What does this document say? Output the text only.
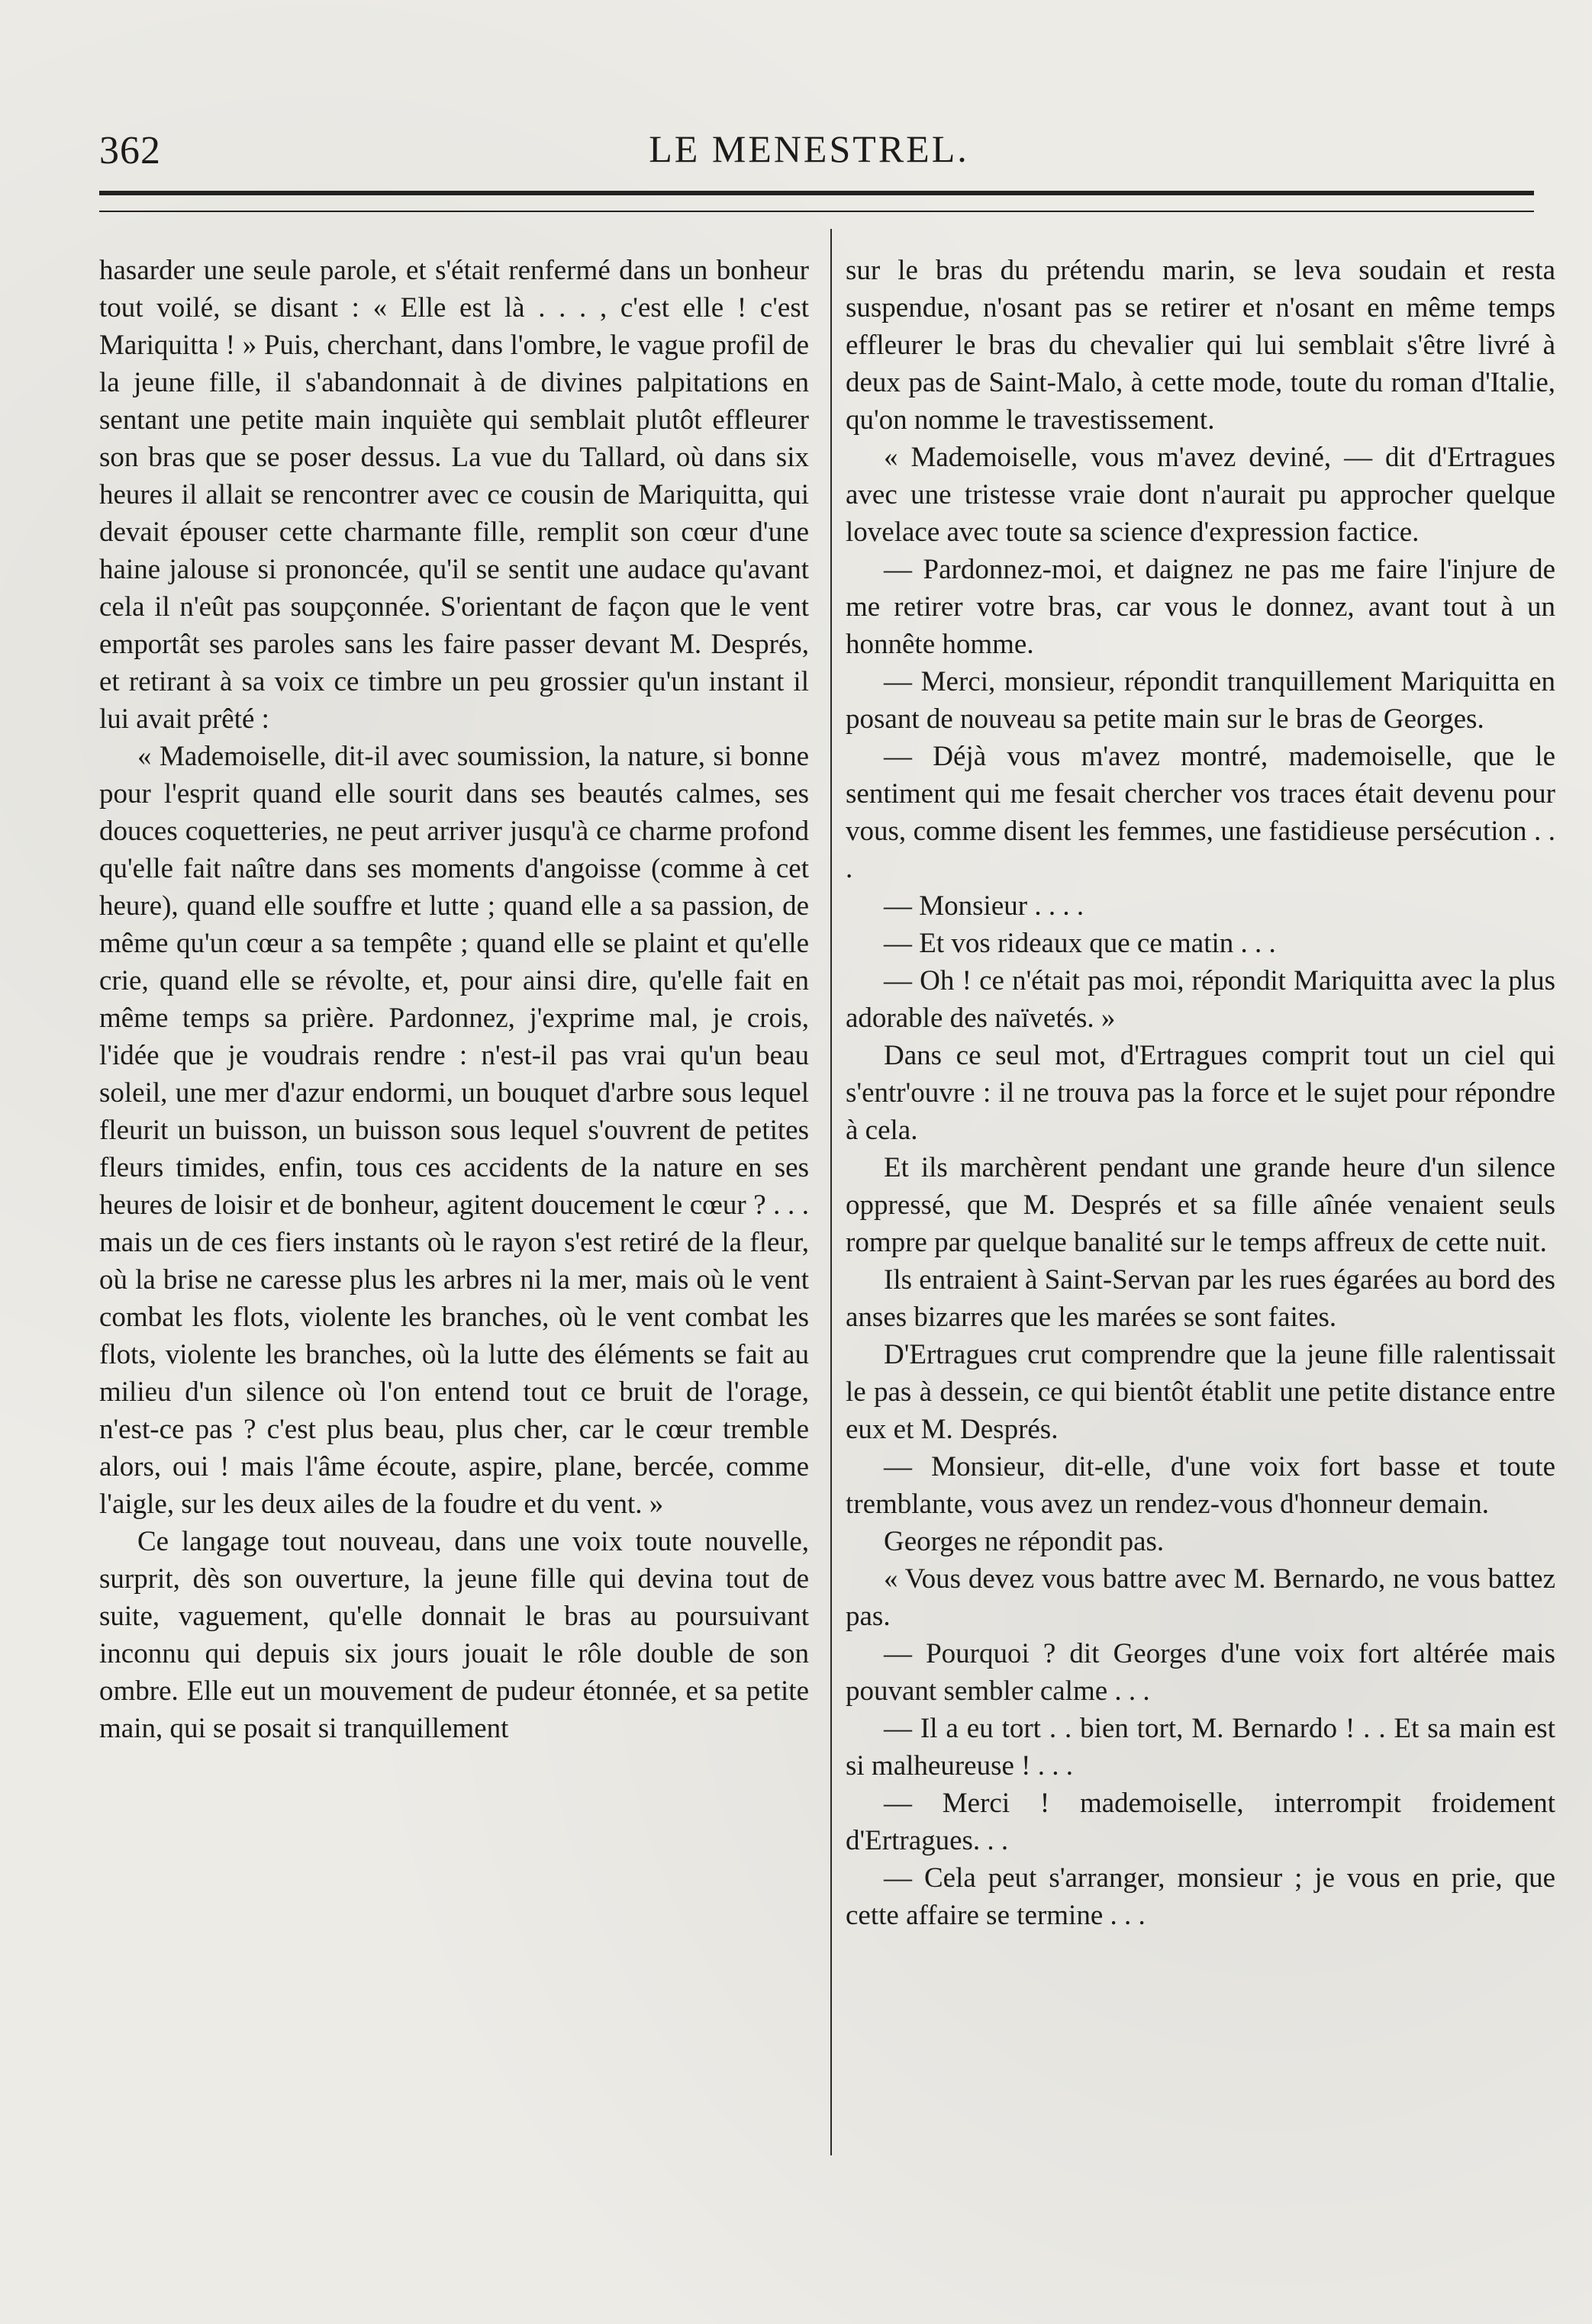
362	LE MENESTREL.

hasarder une seule parole, et s'était renfermé dans un bonheur tout voilé, se disant : « Elle est là . . . , c'est elle ! c'est Mariquitta ! » Puis, cherchant, dans l'ombre, le vague profil de la jeune fille, il s'abandonnait à de divines palpitations en sentant une petite main inquiète qui semblait plutôt effleurer son bras que se poser dessus. La vue du Tallard, où dans six heures il allait se rencontrer avec ce cousin de Mariquitta, qui devait épouser cette charmante fille, remplit son cœur d'une haine jalouse si prononcée, qu'il se sentit une audace qu'avant cela il n'eût pas soupçonnée. S'orientant de façon que le vent emportât ses paroles sans les faire passer devant M. Després, et retirant à sa voix ce timbre un peu grossier qu'un instant il lui avait prêté :

« Mademoiselle, dit-il avec soumission, la nature, si bonne pour l'esprit quand elle sourit dans ses beautés calmes, ses douces coquetteries, ne peut arriver jusqu'à ce charme profond qu'elle fait naître dans ses moments d'angoisse (comme à cet heure), quand elle souffre et lutte ; quand elle a sa passion, de même qu'un cœur a sa tempête ; quand elle se plaint et qu'elle crie, quand elle se révolte, et, pour ainsi dire, qu'elle fait en même temps sa prière. Pardonnez, j'exprime mal, je crois, l'idée que je voudrais rendre : n'est-il pas vrai qu'un beau soleil, une mer d'azur endormi, un bouquet d'arbre sous lequel fleurit un buisson, un buisson sous lequel s'ouvrent de petites fleurs timides, enfin, tous ces accidents de la nature en ses heures de loisir et de bonheur, agitent doucement le cœur ? . . . mais un de ces fiers instants où le rayon s'est retiré de la fleur, où la brise ne caresse plus les arbres ni la mer, mais où le vent combat les flots, violente les branches, où le vent combat les flots, violente les branches, où la lutte des éléments se fait au milieu d'un silence où l'on entend tout ce bruit de l'orage, n'est-ce pas ? c'est plus beau, plus cher, car le cœur tremble alors, oui ! mais l'âme écoute, aspire, plane, bercée, comme l'aigle, sur les deux ailes de la foudre et du vent. »

Ce langage tout nouveau, dans une voix toute nouvelle, surprit, dès son ouverture, la jeune fille qui devina tout de suite, vaguement, qu'elle donnait le bras au poursuivant inconnu qui depuis six jours jouait le rôle double de son ombre. Elle eut un mouvement de pudeur étonnée, et sa petite main, qui se posait si tranquillement

sur le bras du prétendu marin, se leva soudain et resta suspendue, n'osant pas se retirer et n'osant en même temps effleurer le bras du chevalier qui lui semblait s'être livré à deux pas de Saint-Malo, à cette mode, toute du roman d'Italie, qu'on nomme le travestissement.

« Mademoiselle, vous m'avez deviné, — dit d'Ertragues avec une tristesse vraie dont n'aurait pu approcher quelque lovelace avec toute sa science d'expression factice.

— Pardonnez-moi, et daignez ne pas me faire l'injure de me retirer votre bras, car vous le donnez, avant tout à un honnête homme.

— Merci, monsieur, répondit tranquillement Mariquitta en posant de nouveau sa petite main sur le bras de Georges.

— Déjà vous m'avez montré, mademoiselle, que le sentiment qui me fesait chercher vos traces était devenu pour vous, comme disent les femmes, une fastidieuse persécution . . .

— Monsieur . . . .

— Et vos rideaux que ce matin . . .

— Oh ! ce n'était pas moi, répondit Mariquitta avec la plus adorable des naïvetés. »

Dans ce seul mot, d'Ertragues comprit tout un ciel qui s'entr'ouvre : il ne trouva pas la force et le sujet pour répondre à cela.

Et ils marchèrent pendant une grande heure d'un silence oppressé, que M. Després et sa fille aînée venaient seuls rompre par quelque banalité sur le temps affreux de cette nuit.

Ils entraient à Saint-Servan par les rues égarées au bord des anses bizarres que les marées se sont faites.

D'Ertragues crut comprendre que la jeune fille ralentissait le pas à dessein, ce qui bientôt établit une petite distance entre eux et M. Després.

— Monsieur, dit-elle, d'une voix fort basse et toute tremblante, vous avez un rendez-vous d'honneur demain.

Georges ne répondit pas.

« Vous devez vous battre avec M. Bernardo, ne vous battez pas.

— Pourquoi ? dit Georges d'une voix fort altérée mais pouvant sembler calme . . .

— Il a eu tort . . bien tort, M. Bernardo ! . . Et sa main est si malheureuse ! . . .

— Merci ! mademoiselle, interrompit froidement d'Ertragues. . .

— Cela peut s'arranger, monsieur ; je vous en prie, que cette affaire se termine . . .
